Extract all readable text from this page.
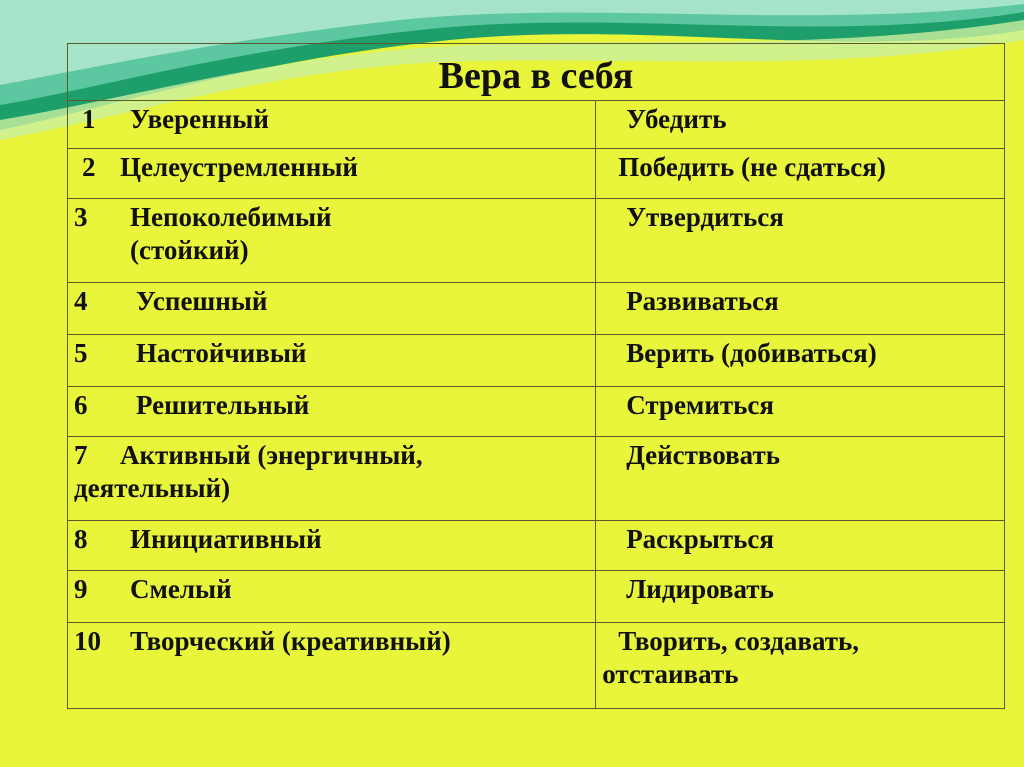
Вера в себя	
1 Уверенный	Убедить
2 Целеустремленный	Победить (не сдаться)
3 Непоколебимый
(стойкий)	Утвердиться
4 Успешный	Развиваться
5 Настойчивый	Верить (добиваться)
6 Решительный	Стремиться
7 Активный (энергичный,
деятельный)	Действовать
8 Инициативный	Раскрыться
9 Смелый	Лидировать
10 Творческий (креативный)	Творить, создавать,
отстаивать
